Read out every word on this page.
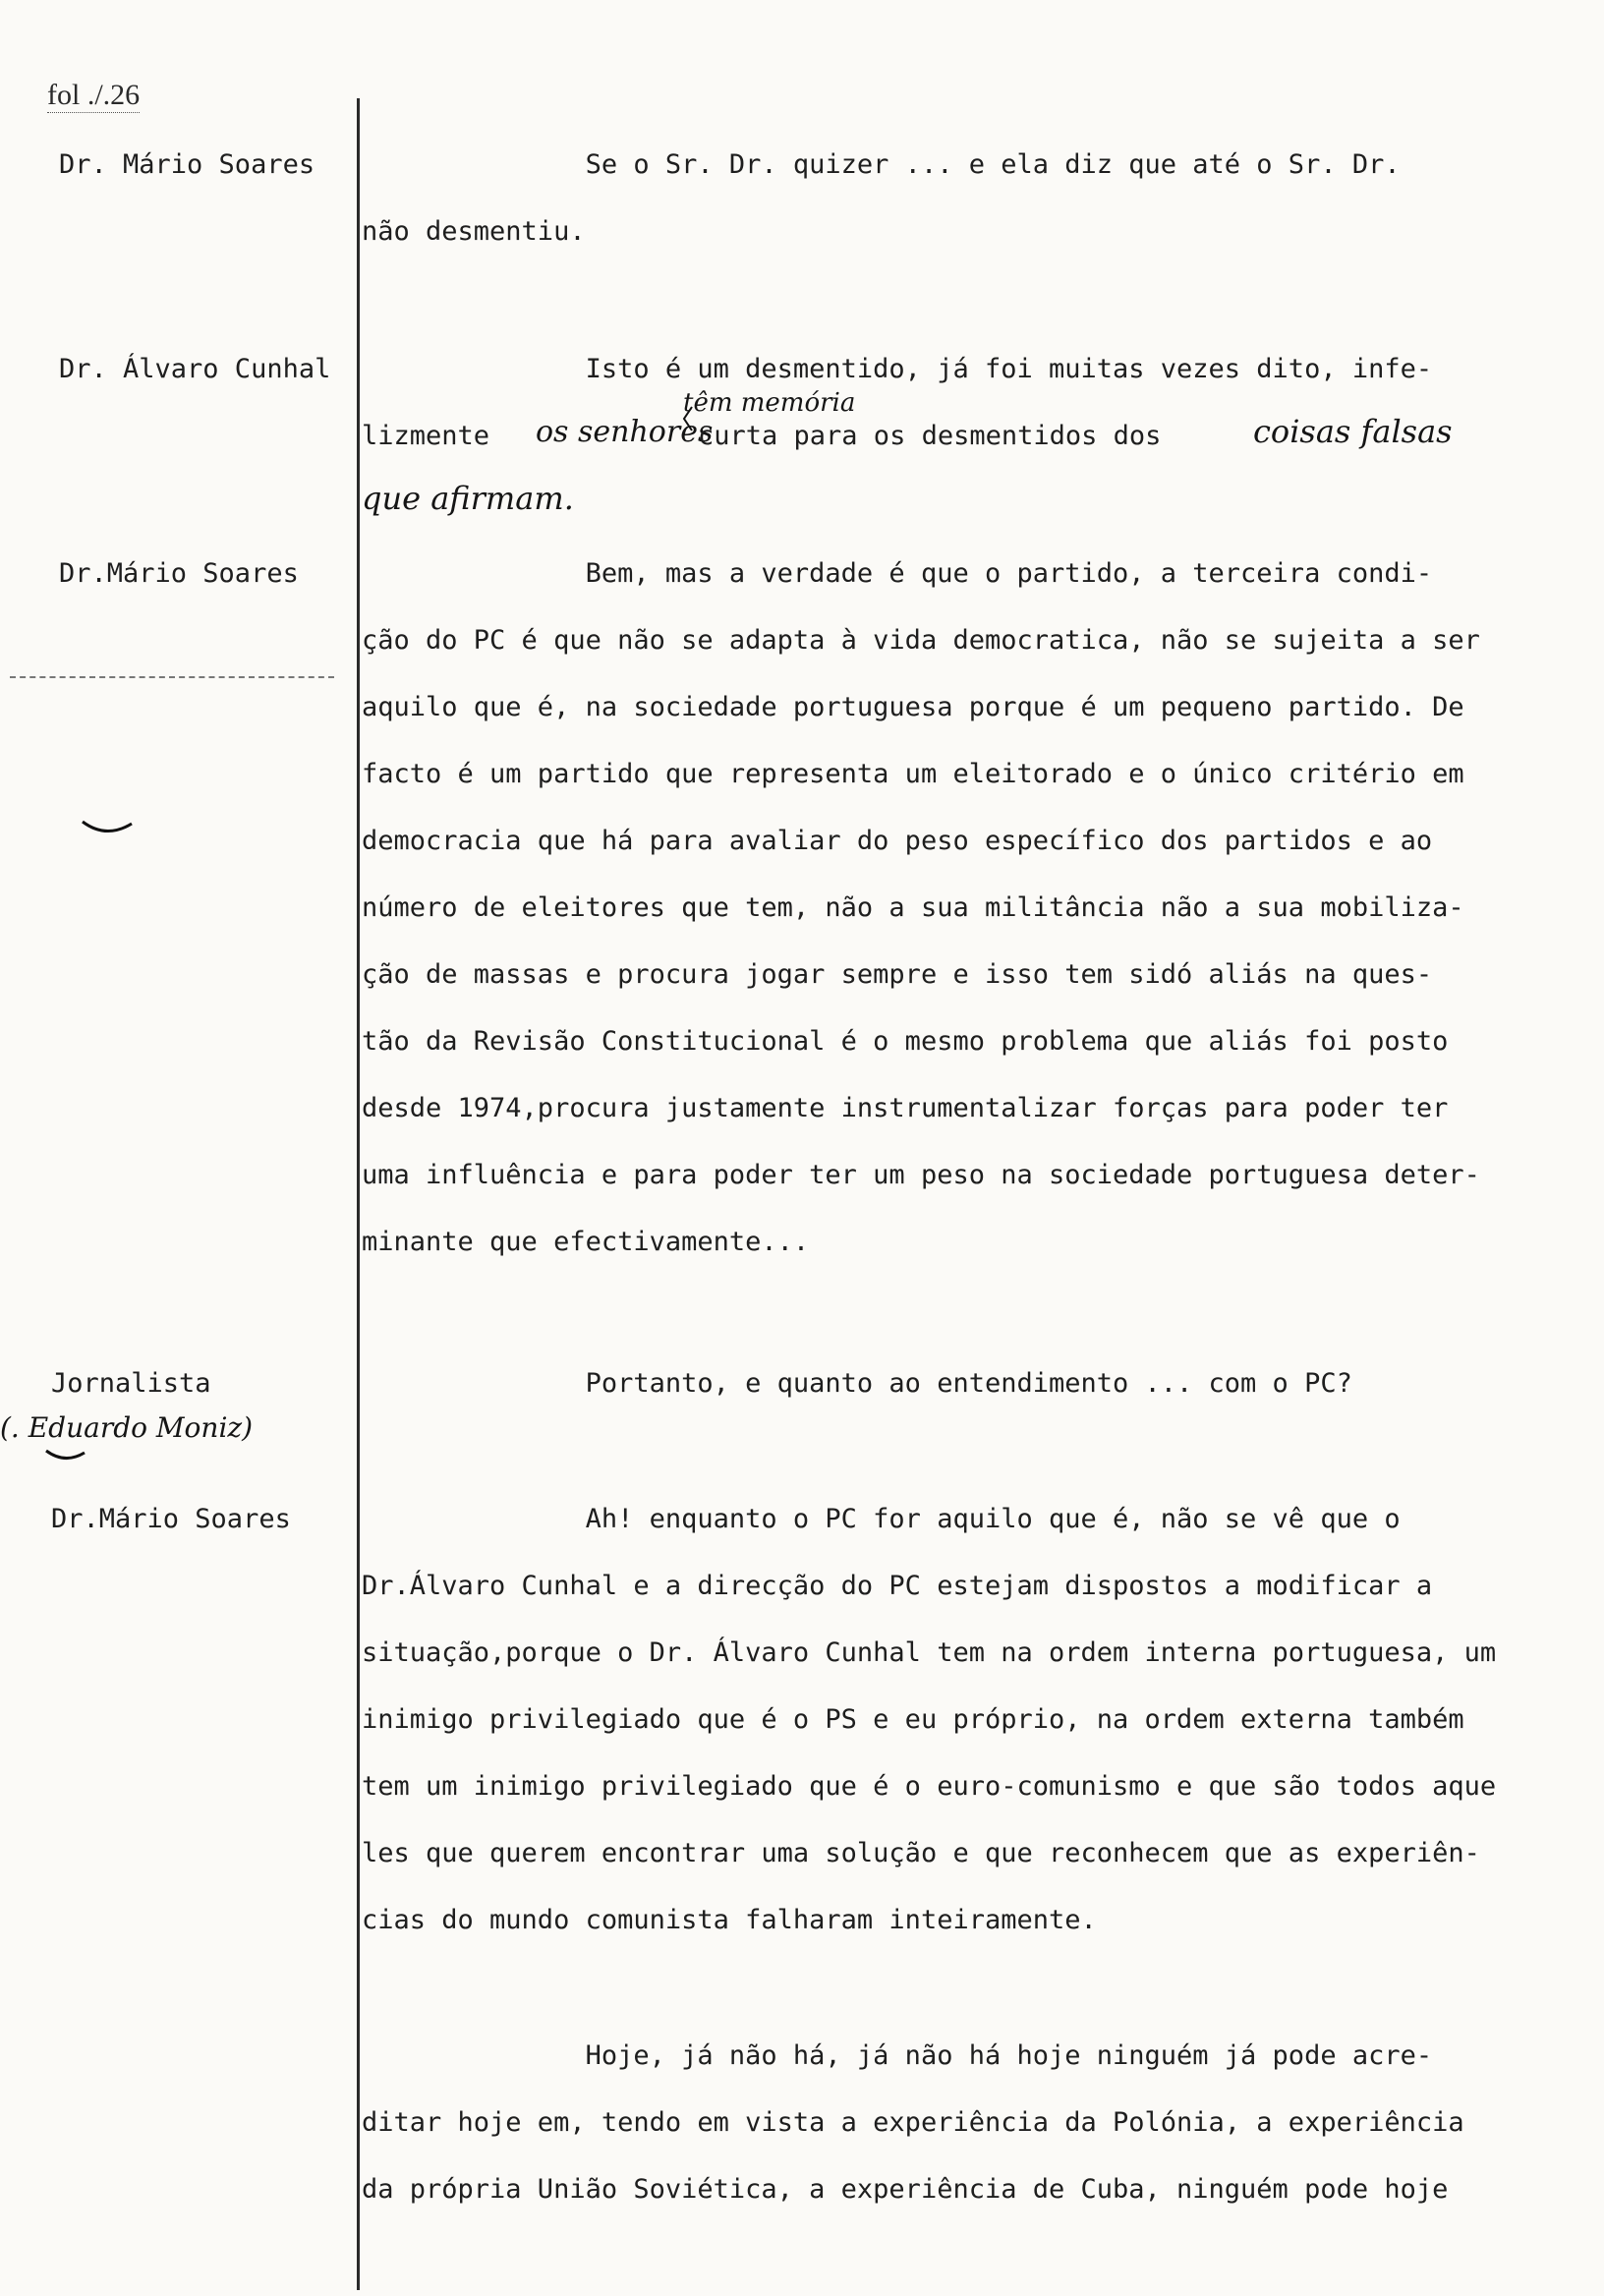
fol ./.26
Dr. Mário Soares
Dr. Álvaro Cunhal
Dr.Mário Soares
Jornalista
(. Eduardo Moniz)
Dr.Mário Soares
têm memória
Se o Sr. Dr. quizer ... e ela diz que até o Sr. Dr.
não desmentiu.
Isto é um desmentido, já foi muitas vezes dito, infe-
lizmente os senhores
curta para os desmentidos dos coisas falsas
que afirmam.
Bem, mas a verdade é que o partido, a terceira condi-
ção do PC é que não se adapta à vida democratica, não se sujeita a ser
aquilo que é, na sociedade portuguesa porque é um pequeno partido. De
facto é um partido que representa um eleitorado e o único critério em
democracia que há para avaliar do peso específico dos partidos e ao
número de eleitores que tem, não a sua militância não a sua mobiliza-
ção de massas e procura jogar sempre e isso tem sidó aliás na ques-
tão da Revisão Constitucional é o mesmo problema que aliás foi posto
desde 1974,procura justamente instrumentalizar forças para poder ter
uma influência e para poder ter um peso na sociedade portuguesa deter-
minante que efectivamente...
Portanto, e quanto ao entendimento ... com o PC?
Ah! enquanto o PC for aquilo que é, não se vê que o
Dr.Álvaro Cunhal e a direcção do PC estejam dispostos a modificar a
situação,porque o Dr. Álvaro Cunhal tem na ordem interna portuguesa, um
inimigo privilegiado que é o PS e eu próprio, na ordem externa também
tem um inimigo privilegiado que é o euro-comunismo e que são todos aque
les que querem encontrar uma solução e que reconhecem que as experiên-
cias do mundo comunista falharam inteiramente.
Hoje, já não há, já não há hoje ninguém já pode acre-
ditar hoje em, tendo em vista a experiência da Polónia, a experiência
da própria União Soviética, a experiência de Cuba, ninguém pode hoje
